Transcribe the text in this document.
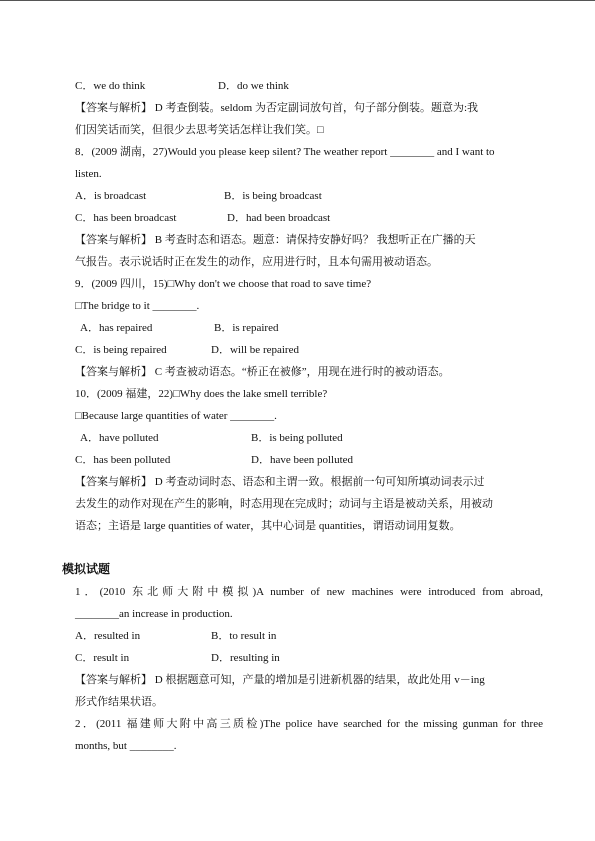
C．we do think	D．do we think
【答案与解析】 D 考查倒装。seldom 为否定副词放句首，句子部分倒装。题意为:我
们因笑话而笑，但很少去思考笑话怎样让我们笑。□
8．(2009 湖南，27)Would you please keep silent? The weather report ________ and I want to
listen.
A．is broadcast	B．is being broadcast
C．has been broadcast	D．had been broadcast
【答案与解析】 B 考查时态和语态。题意：请保持安静好吗？ 我想听正在广播的天
气报告。表示说话时正在发生的动作，应用进行时，且本句需用被动语态。
9．(2009 四川，15)□Why don't we choose that road to save time?
□The bridge to it ________.
A．has repaired	B．is repaired
C．is being repaired	D．will be repaired
【答案与解析】 C 考查被动语态。“桥正在被修”，用现在进行时的被动语态。
10．(2009 福建，22)□Why does the lake smell terrible?
□Because large quantities of water ________.
A．have polluted	B．is being polluted
C．has been polluted	D．have been polluted
【答案与解析】 D 考查动词时态、语态和主谓一致。根据前一句可知所填动词表示过
去发生的动作对现在产生的影响，时态用现在完成时；动词与主语是被动关系，用被动
语态；主语是 large quantities of water，其中心词是 quantities，谓语动词用复数。
模拟试题
1．(2010 东北师大附中模拟)A number of new machines were introduced from abroad,
________an increase in production.
A．resulted in	B．to result in
C．result in	D．resulting in
【答案与解析】 D 根据题意可知，产量的增加是引进新机器的结果，故此处用 v－ing
形式作结果状语。
2．(2011 福建师大附中高三质检)The police have searched for the missing gunman for three
months, but ________.
